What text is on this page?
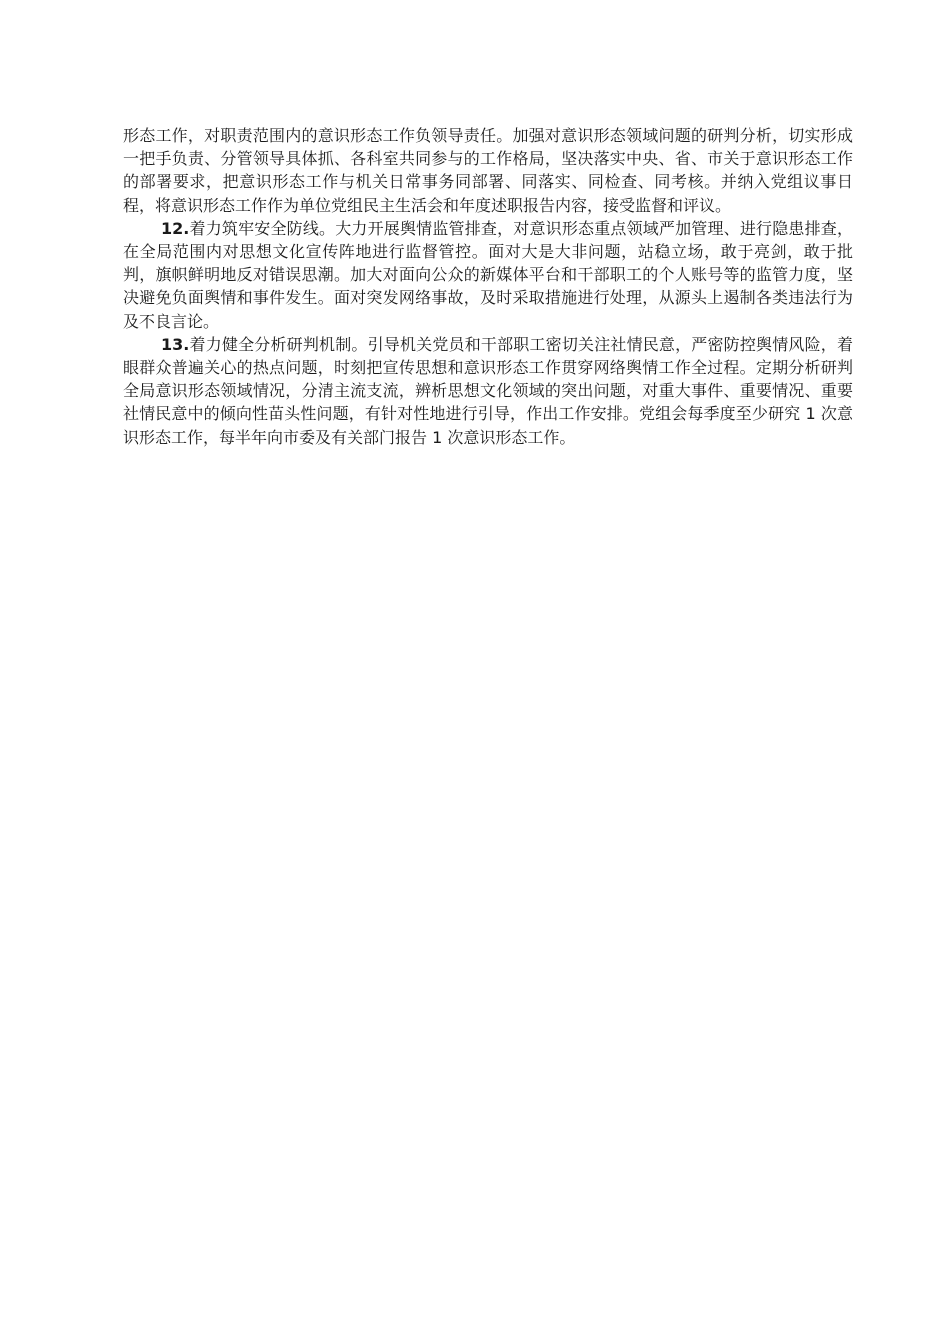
形态工作，对职责范围内的意识形态工作负领导责任。加强对意识形态领域问题的研判分析，切实形成一把手负责、分管领导具体抓、各科室共同参与的工作格局，坚决落实中央、省、市关于意识形态工作的部署要求，把意识形态工作与机关日常事务同部署、同落实、同检查、同考核。并纳入党组议事日程，将意识形态工作作为单位党组民主生活会和年度述职报告内容，接受监督和评议。

12.着力筑牢安全防线。大力开展舆情监管排查，对意识形态重点领域严加管理、进行隐患排查，在全局范围内对思想文化宣传阵地进行监督管控。面对大是大非问题，站稳立场，敢于亮剑，敢于批判，旗帜鲜明地反对错误思潮。加大对面向公众的新媒体平台和干部职工的个人账号等的监管力度，坚决避免负面舆情和事件发生。面对突发网络事故，及时采取措施进行处理，从源头上遏制各类违法行为及不良言论。

13.着力健全分析研判机制。引导机关党员和干部职工密切关注社情民意，严密防控舆情风险，着眼群众普遍关心的热点问题，时刻把宣传思想和意识形态工作贯穿网络舆情工作全过程。定期分析研判全局意识形态领域情况，分清主流支流，辨析思想文化领域的突出问题，对重大事件、重要情况、重要社情民意中的倾向性苗头性问题，有针对性地进行引导，作出工作安排。党组会每季度至少研究 1 次意识形态工作，每半年向市委及有关部门报告 1 次意识形态工作。
